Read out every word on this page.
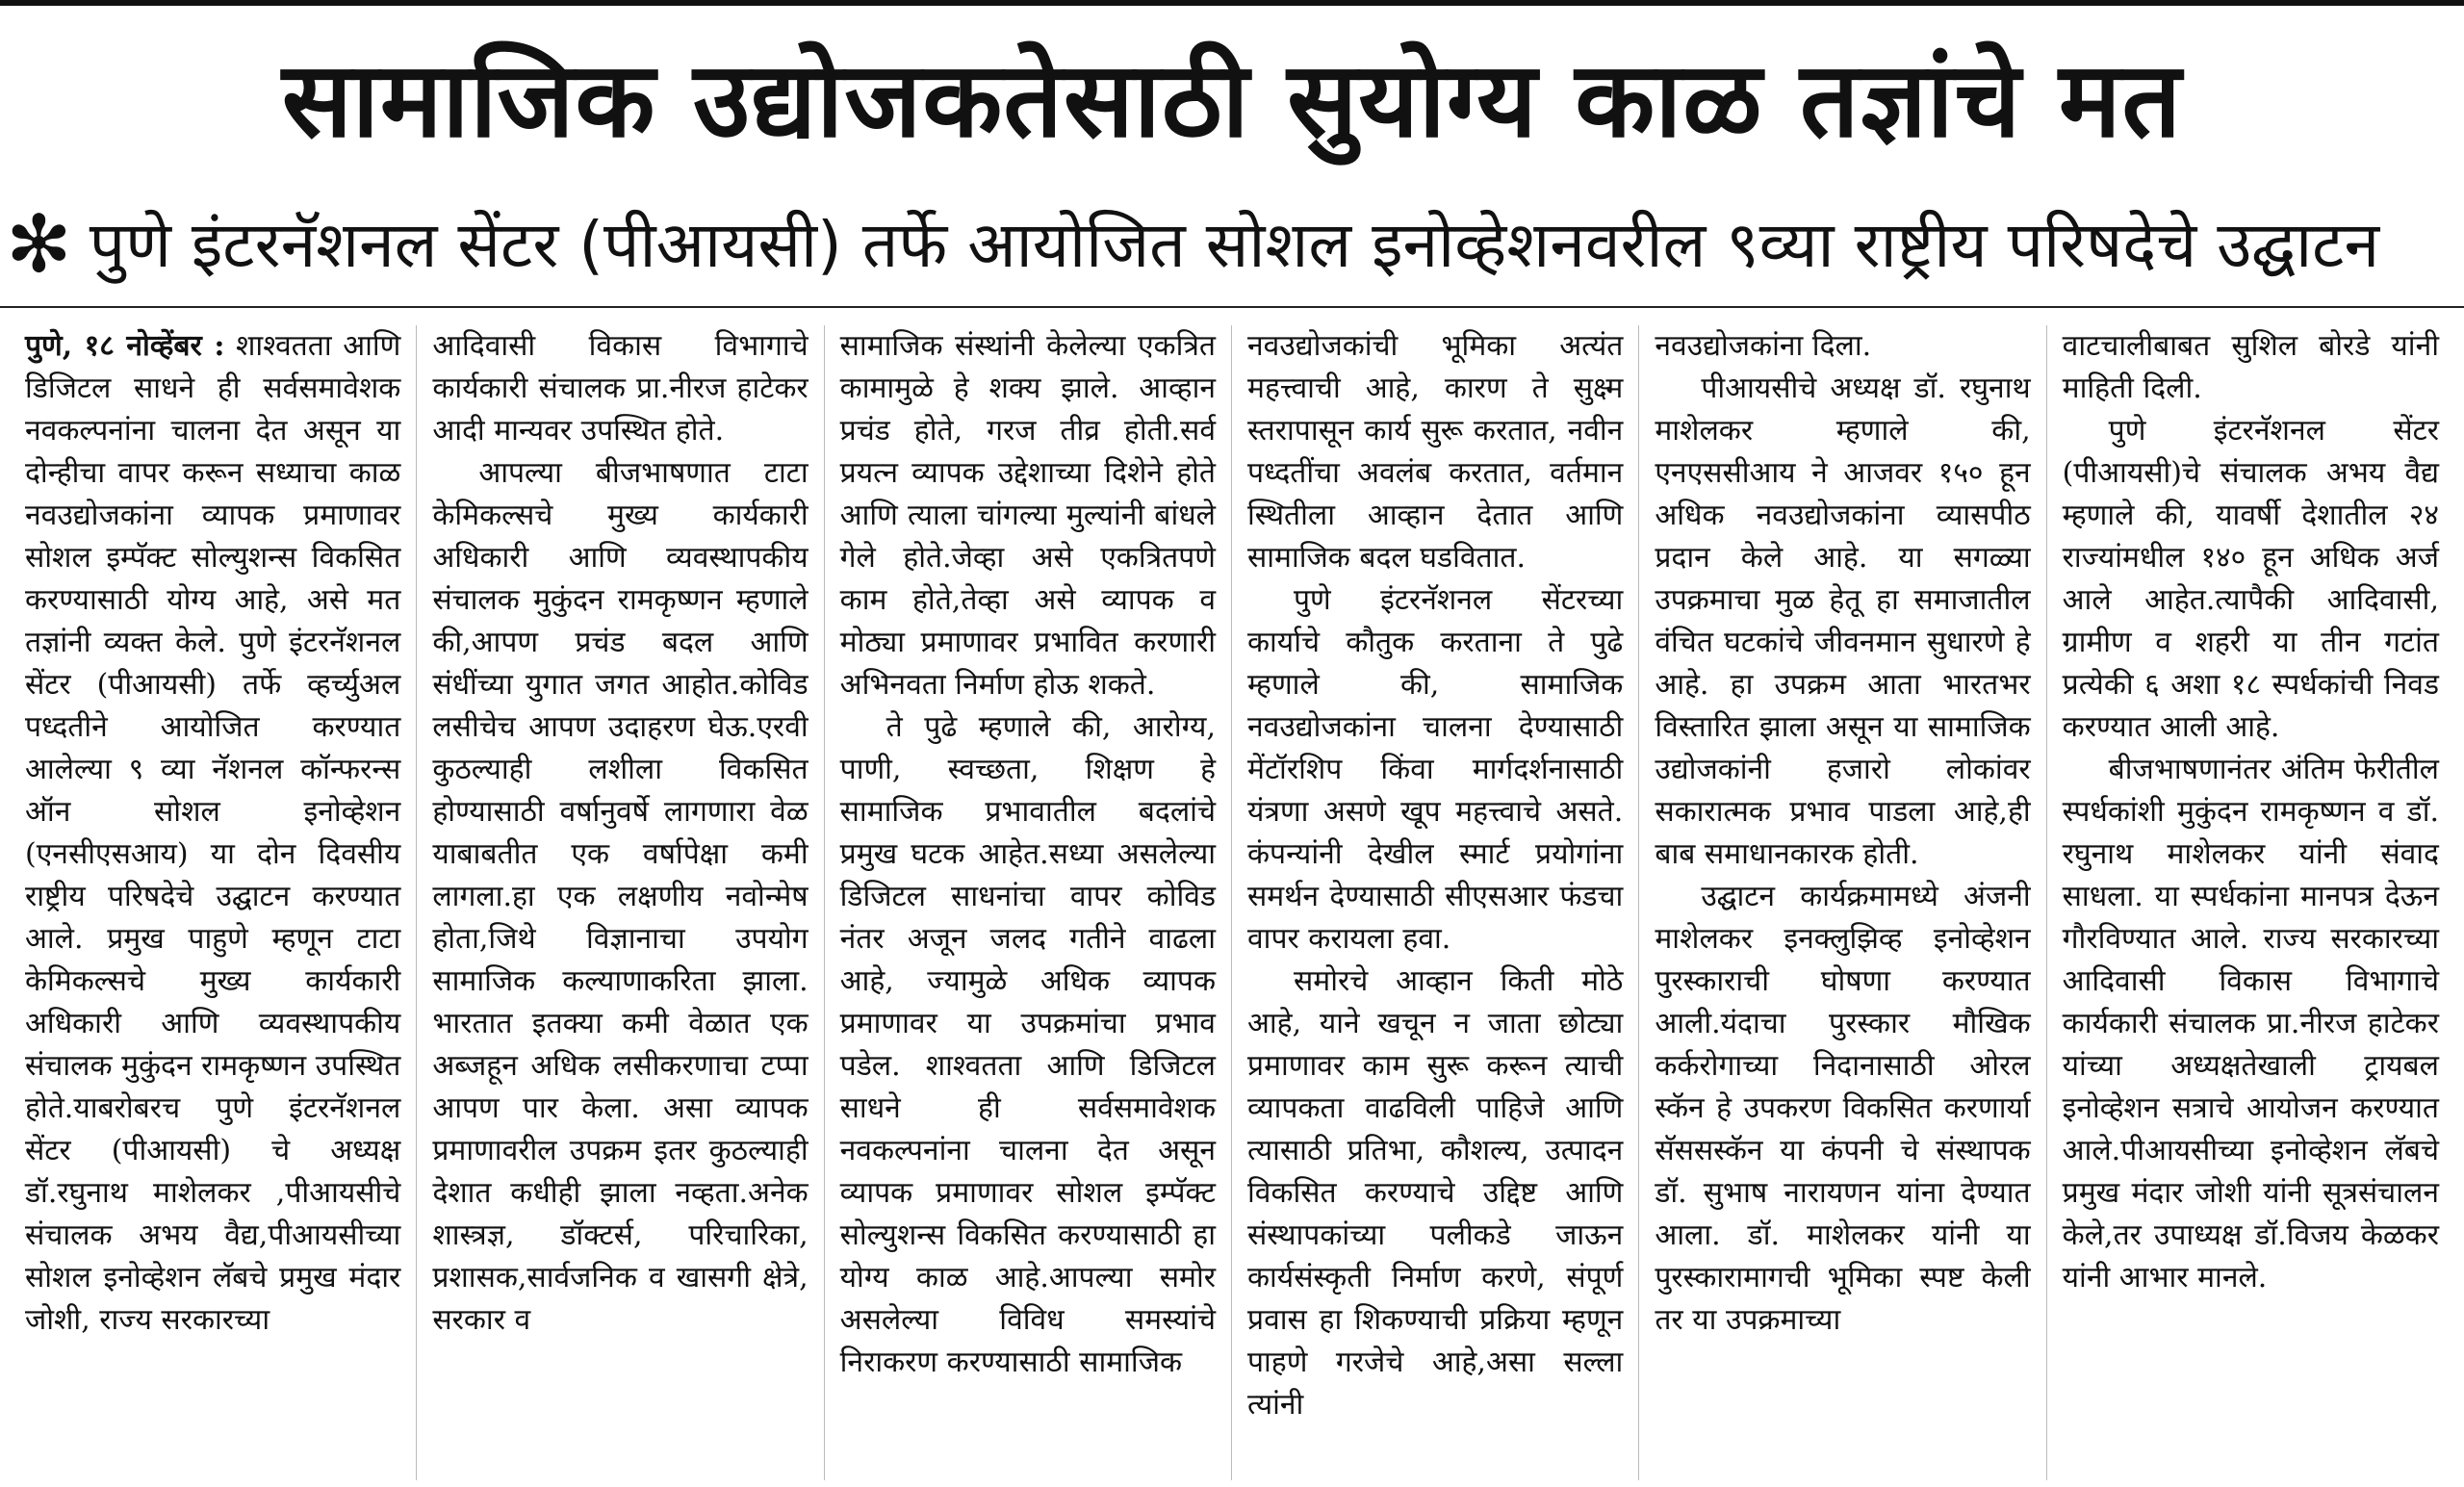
सामाजिक उद्योजकतेसाठी सुयोग्य काळ तज्ञांचे मत
✻ पुणे इंटरनॅशनल सेंटर (पीआयसी) तर्फे आयोजित सोशल इनोव्हेशनवरील ९व्या राष्ट्रीय परिषदेचे उद्घाटन

पुणे, १८ नोव्हेंबर : शाश्वतता आणि डिजिटल साधने ही सर्वसमावेशक नवकल्पनांना चालना देत असून या दोन्हीचा वापर करून सध्याचा काळ नवउद्योजकांना व्यापक प्रमाणावर सोशल इम्पॅक्ट सोल्युशन्स विकसित करण्यासाठी योग्य आहे, असे मत तज्ञांनी व्यक्त केले. पुणे इंटरनॅशनल सेंटर (पीआयसी) तर्फे व्हर्च्युअल पध्दतीने आयोजित करण्यात आलेल्या ९ व्या नॅशनल कॉन्फरन्स ऑन सोशल इनोव्हेशन (एनसीएसआय) या दोन दिवसीय राष्ट्रीय परिषदेचे उद्घाटन करण्यात आले. प्रमुख पाहुणे म्हणून टाटा केमिकल्सचे मुख्य कार्यकारी अधिकारी आणि व्यवस्थापकीय संचालक मुकुंदन रामकृष्णन उपस्थित होते.याबरोबरच पुणे इंटरनॅशनल सेंटर (पीआयसी) चे अध्यक्ष डॉ.रघुनाथ माशेलकर ,पीआयसीचे संचालक अभय वैद्य,पीआयसीच्या सोशल इनोव्हेशन लॅबचे प्रमुख मंदार जोशी, राज्य सरकारच्या

आदिवासी विकास विभागाचे कार्यकारी संचालक प्रा.नीरज हाटेकर आदी मान्यवर उपस्थित होते.

आपल्या बीजभाषणात टाटा केमिकल्सचे मुख्य कार्यकारी अधिकारी आणि व्यवस्थापकीय संचालक मुकुंदन रामकृष्णन म्हणाले की,आपण प्रचंड बदल आणि संधींच्या युगात जगत आहोत.कोविड लसीचेच आपण उदाहरण घेऊ.एरवी कुठल्याही लशीला विकसित होण्यासाठी वर्षानुवर्षे लागणारा वेळ याबाबतीत एक वर्षापेक्षा कमी लागला.हा एक लक्षणीय नवोन्मेष होता,जिथे विज्ञानाचा उपयोग सामाजिक कल्याणाकरिता झाला. भारतात इतक्या कमी वेळात एक अब्जहून अधिक लसीकरणाचा टप्पा आपण पार केला. असा व्यापक प्रमाणावरील उपक्रम इतर कुठल्याही देशात कधीही झाला नव्हता.अनेक शास्त्रज्ञ, डॉक्टर्स, परिचारिका, प्रशासक,सार्वजनिक व खासगी क्षेत्रे, सरकार व

सामाजिक संस्थांनी केलेल्या एकत्रित कामामुळे हे शक्य झाले. आव्हान प्रचंड होते, गरज तीव्र होती.सर्व प्रयत्न व्यापक उद्देशाच्या दिशेने होते आणि त्याला चांगल्या मुल्यांनी बांधले गेले होते.जेव्हा असे एकत्रितपणे काम होते,तेव्हा असे व्यापक व मोठ्या प्रमाणावर प्रभावित करणारी अभिनवता निर्माण होऊ शकते.

ते पुढे म्हणाले की, आरोग्य, पाणी, स्वच्छता, शिक्षण हे सामाजिक प्रभावातील बदलांचे प्रमुख घटक आहेत.सध्या असलेल्या डिजिटल साधनांचा वापर कोविड नंतर अजून जलद गतीने वाढला आहे, ज्यामुळे अधिक व्यापक प्रमाणावर या उपक्रमांचा प्रभाव पडेल. शाश्वतता आणि डिजिटल साधने ही सर्वसमावेशक नवकल्पनांना चालना देत असून व्यापक प्रमाणावर सोशल इम्पॅक्ट सोल्युशन्स विकसित करण्यासाठी हा योग्य काळ आहे.आपल्या समोर असलेल्या विविध समस्यांचे निराकरण करण्यासाठी सामाजिक

नवउद्योजकांची भूमिका अत्यंत महत्त्वाची आहे, कारण ते सुक्ष्म स्तरापासून कार्य सुरू करतात, नवीन पध्दतींचा अवलंब करतात, वर्तमान स्थितीला आव्हान देतात आणि सामाजिक बदल घडवितात.

पुणे इंटरनॅशनल सेंटरच्या कार्याचे कौतुक करताना ते पुढे म्हणाले की, सामाजिक नवउद्योजकांना चालना देण्यासाठी मेंटॉरशिप किंवा मार्गदर्शनासाठी यंत्रणा असणे खूप महत्त्वाचे असते. कंपन्यांनी देखील स्मार्ट प्रयोगांना समर्थन देण्यासाठी सीएसआर फंडचा वापर करायला हवा.

समोरचे आव्हान किती मोठे आहे, याने खचून न जाता छोट्या प्रमाणावर काम सुरू करून त्याची व्यापकता वाढविली पाहिजे आणि त्यासाठी प्रतिभा, कौशल्य, उत्पादन विकसित करण्याचे उद्दिष्ट आणि संस्थापकांच्या पलीकडे जाऊन कार्यसंस्कृती निर्माण करणे, संपूर्ण प्रवास हा शिकण्याची प्रक्रिया म्हणून पाहणे गरजेचे आहे,असा सल्ला त्यांनी

नवउद्योजकांना दिला.

पीआयसीचे अध्यक्ष डॉ. रघुनाथ माशेलकर म्हणाले की, एनएससीआय ने आजवर १५० हून अधिक नवउद्योजकांना व्यासपीठ प्रदान केले आहे. या सगळ्या उपक्रमाचा मुळ हेतू हा समाजातील वंचित घटकांचे जीवनमान सुधारणे हे आहे. हा उपक्रम आता भारतभर विस्तारित झाला असून या सामाजिक उद्योजकांनी हजारो लोकांवर सकारात्मक प्रभाव पाडला आहे,ही बाब समाधानकारक होती.

उद्घाटन कार्यक्रमामध्ये अंजनी माशेलकर इनक्लुझिव्ह इनोव्हेशन पुरस्काराची घोषणा करण्यात आली.यंदाचा पुरस्कार मौखिक कर्करोगाच्या निदानासाठी ओरल स्कॅन हे उपकरण विकसित करणार्या सॅससस्कॅन या कंपनी चे संस्थापक डॉ. सुभाष नारायणन यांना देण्यात आला. डॉ. माशेलकर यांनी या पुरस्कारामागची भूमिका स्पष्ट केली तर या उपक्रमाच्या

वाटचालीबाबत सुशिल बोरडे यांनी माहिती दिली.

पुणे इंटरनॅशनल सेंटर (पीआयसी)चे संचालक अभय वैद्य म्हणाले की, यावर्षी देशातील २४ राज्यांमधील १४० हून अधिक अर्ज आले आहेत.त्यापैकी आदिवासी, ग्रामीण व शहरी या तीन गटांत प्रत्येकी ६ अशा १८ स्पर्धकांची निवड करण्यात आली आहे.

बीजभाषणानंतर अंतिम फेरीतील स्पर्धकांशी मुकुंदन रामकृष्णन व डॉ. रघुनाथ माशेलकर यांनी संवाद साधला. या स्पर्धकांना मानपत्र देऊन गौरविण्यात आले. राज्य सरकारच्या आदिवासी विकास विभागाचे कार्यकारी संचालक प्रा.नीरज हाटेकर यांच्या अध्यक्षतेखाली ट्रायबल इनोव्हेशन सत्राचे आयोजन करण्यात आले.पीआयसीच्या इनोव्हेशन लॅबचे प्रमुख मंदार जोशी यांनी सूत्रसंचालन केले,तर उपाध्यक्ष डॉ.विजय केळकर यांनी आभार मानले.
